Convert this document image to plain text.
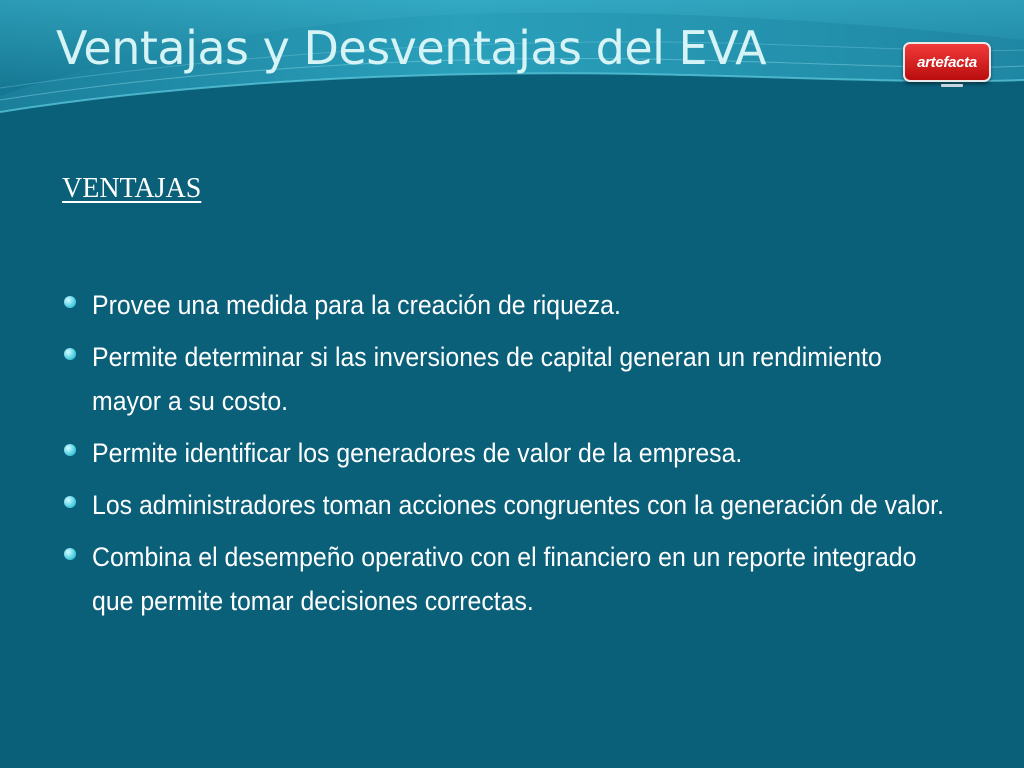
Ventajas y Desventajas del EVA	artefacta
VENTAJAS
Provee una medida para la creación de riqueza.
Permite determinar si las inversiones de capital generan un rendimiento mayor a su costo.
Permite identificar los generadores de valor de la empresa.
Los administradores toman acciones congruentes con la generación de valor.
Combina el desempeño operativo con el financiero en un reporte integrado que permite tomar decisiones correctas.
